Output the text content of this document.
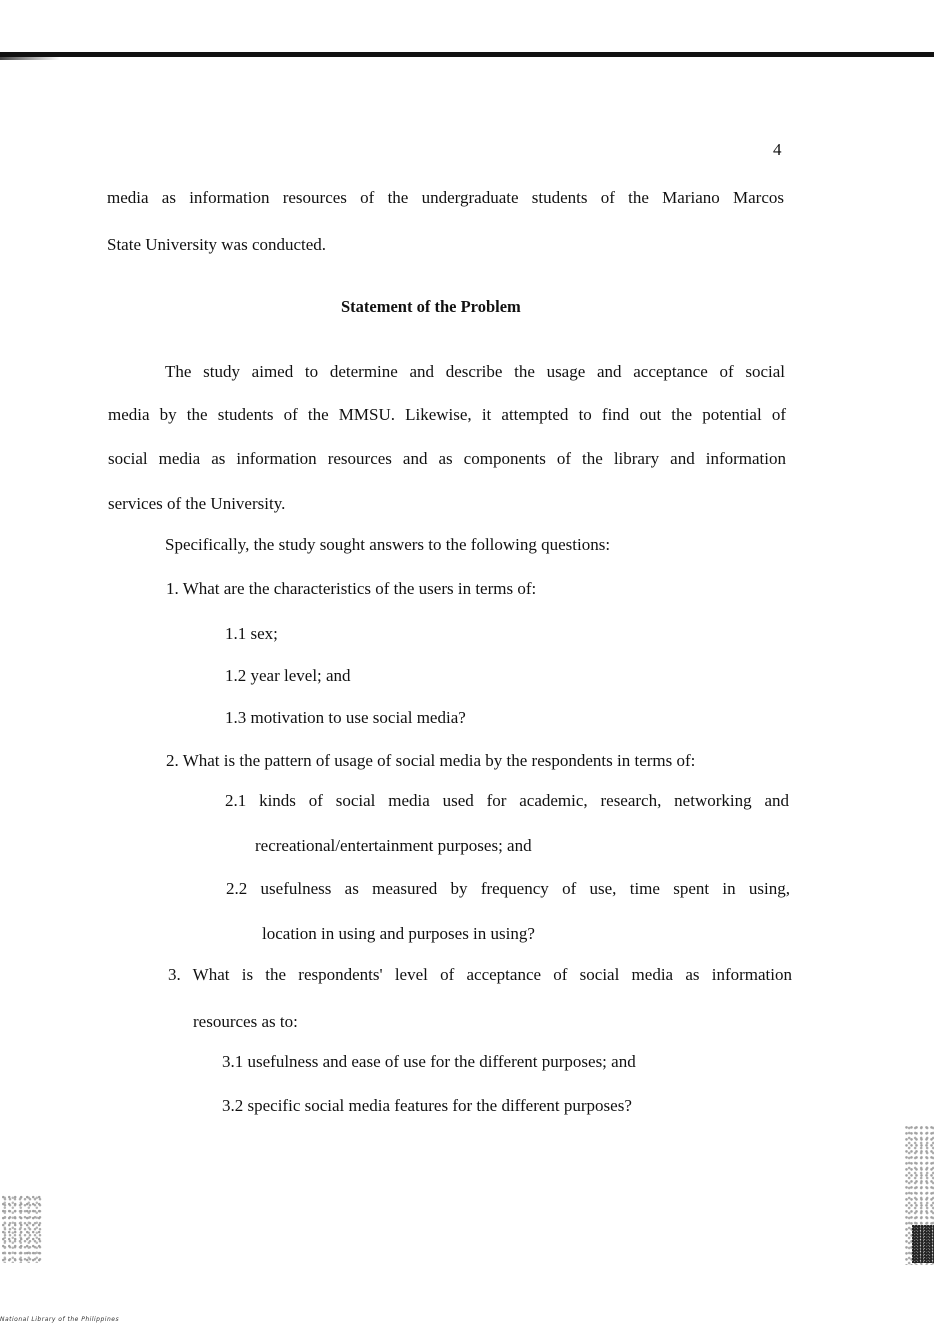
4
media as information resources of the undergraduate students of the Mariano Marcos
State University was conducted.
Statement of the Problem
The study aimed to determine and describe the usage and acceptance of social
media by the students of the MMSU. Likewise, it attempted to find out the potential of
social media as information resources and as components of the library and information
services of the University.
Specifically, the study sought answers to the following questions:
1. What are the characteristics of the users in terms of:
1.1 sex;
1.2 year level; and
1.3 motivation to use social media?
2. What is the pattern of usage of social media by the respondents in terms of:
2.1 kinds of social media used for academic, research, networking and
recreational/entertainment purposes; and
2.2 usefulness as measured by frequency of use, time spent in using,
location in using and purposes in using?
3. What is the respondents' level of acceptance of social media as information
resources as to:
3.1 usefulness and ease of use for the different purposes; and
3.2 specific social media features for the different purposes?
National Library of the Philippines
